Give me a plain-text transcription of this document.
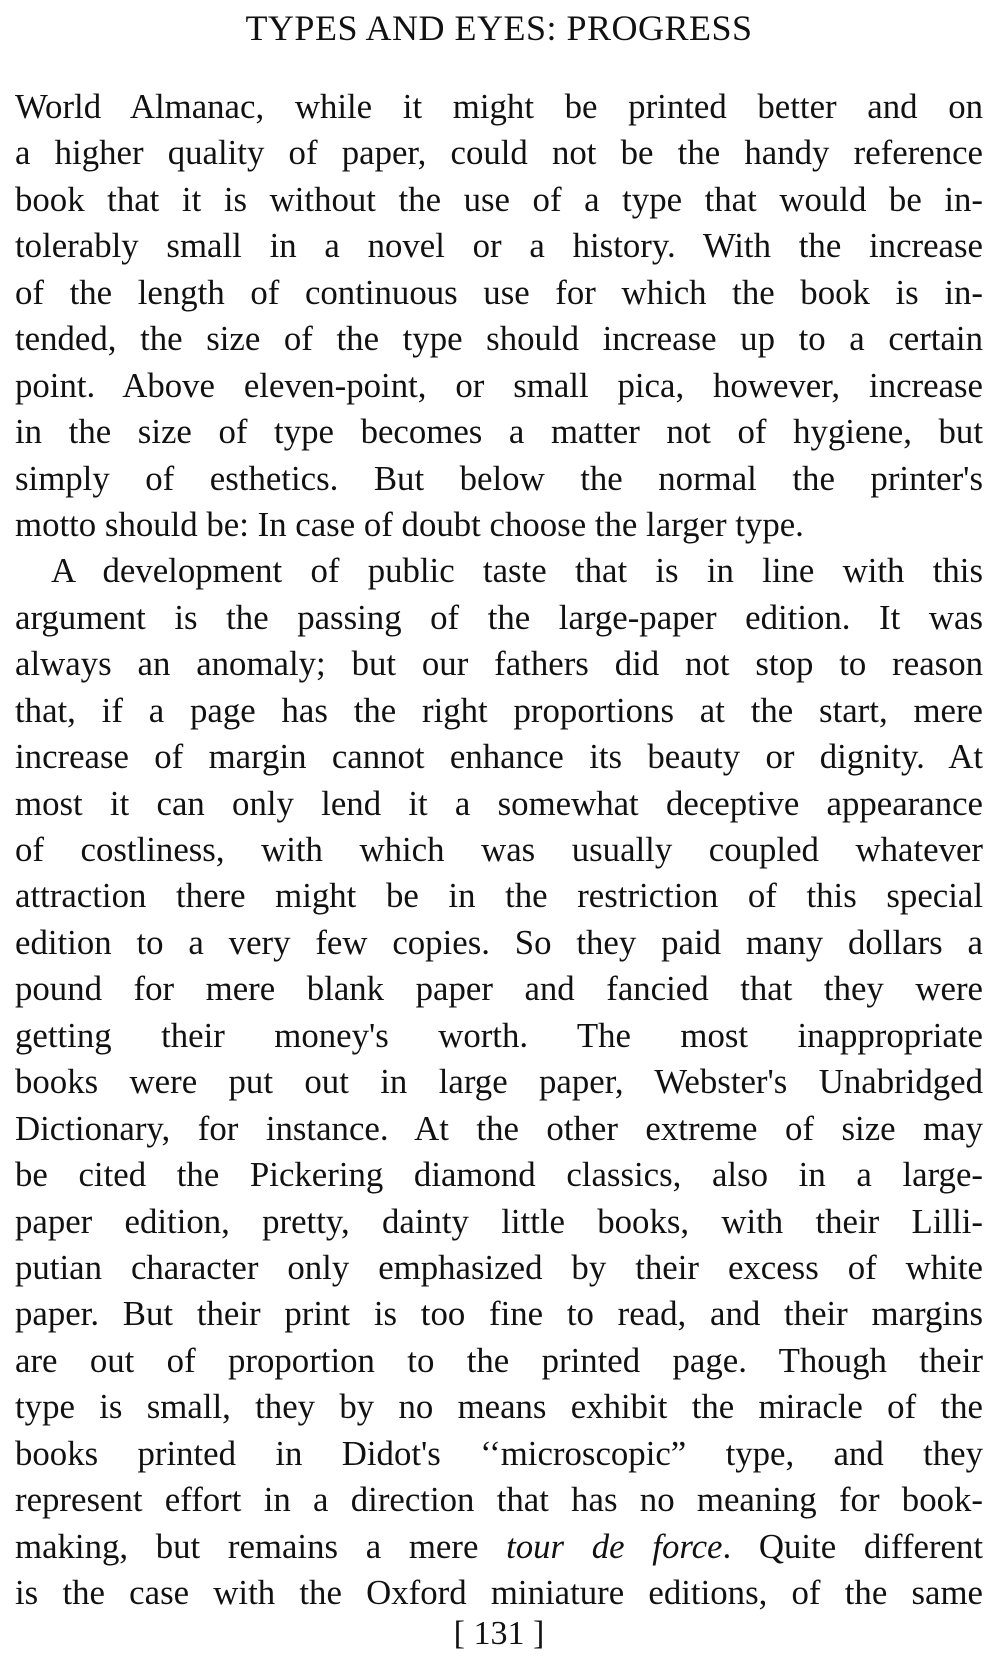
TYPES AND EYES: PROGRESS
World Almanac, while it might be printed better and on
a higher quality of paper, could not be the handy reference
book that it is without the use of a type that would be in-
tolerably small in a novel or a history. With the increase
of the length of continuous use for which the book is in-
tended, the size of the type should increase up to a certain
point. Above eleven-point, or small pica, however, increase
in the size of type becomes a matter not of hygiene, but
simply of esthetics. But below the normal the printer's
motto should be: In case of doubt choose the larger type.
A development of public taste that is in line with this
argument is the passing of the large-paper edition. It was
always an anomaly; but our fathers did not stop to reason
that, if a page has the right proportions at the start, mere
increase of margin cannot enhance its beauty or dignity. At
most it can only lend it a somewhat deceptive appearance
of costliness, with which was usually coupled whatever
attraction there might be in the restriction of this special
edition to a very few copies. So they paid many dollars a
pound for mere blank paper and fancied that they were
getting their money's worth. The most inappropriate
books were put out in large paper, Webster's Unabridged
Dictionary, for instance. At the other extreme of size may
be cited the Pickering diamond classics, also in a large-
paper edition, pretty, dainty little books, with their Lilli-
putian character only emphasized by their excess of white
paper. But their print is too fine to read, and their margins
are out of proportion to the printed page. Though their
type is small, they by no means exhibit the miracle of the
books printed in Didot's ‘‘microscopic” type, and they
represent effort in a direction that has no meaning for book-
making, but remains a mere tour de force. Quite different
is the case with the Oxford miniature editions, of the same
[ 131 ]
